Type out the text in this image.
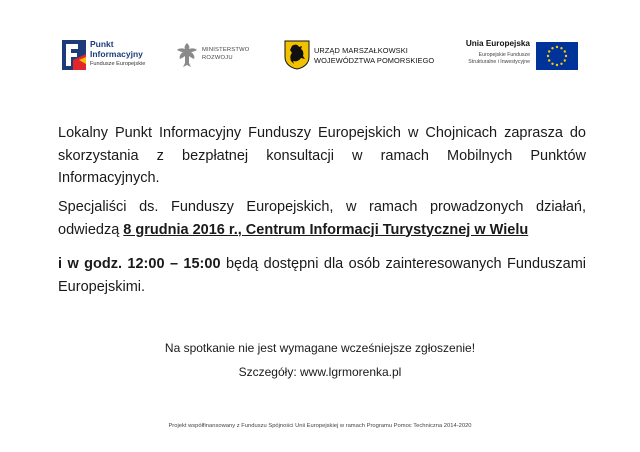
Punkt
Informacyjny
Fundusze Europejskie
MINISTERSTWO
ROZWOJU
URZĄD MARSZAŁKOWSKI
WOJEWÓDZTWA POMORSKIEGO
Unia Europejska
Europejskie Fundusze
Strukturalne i Inwestycyjne

Lokalny Punkt Informacyjny Funduszy Europejskich w Chojnicach zaprasza do skorzystania z bezpłatnej konsultacji w ramach Mobilnych Punktów Informacyjnych.

Specjaliści ds. Funduszy Europejskich, w ramach prowadzonych działań, odwiedzą 8 grudnia 2016 r., Centrum Informacji Turystycznej w Wielu

i w godz. 12:00 – 15:00 będą dostępni dla osób zainteresowanych Funduszami Europejskimi.

Na spotkanie nie jest wymagane wcześniejsze zgłoszenie!

Szczegóły: www.lgrmorenka.pl

Projekt współfinansowany z Funduszu Spójności Unii Europejskiej w ramach Programu Pomoc Techniczna 2014-2020
